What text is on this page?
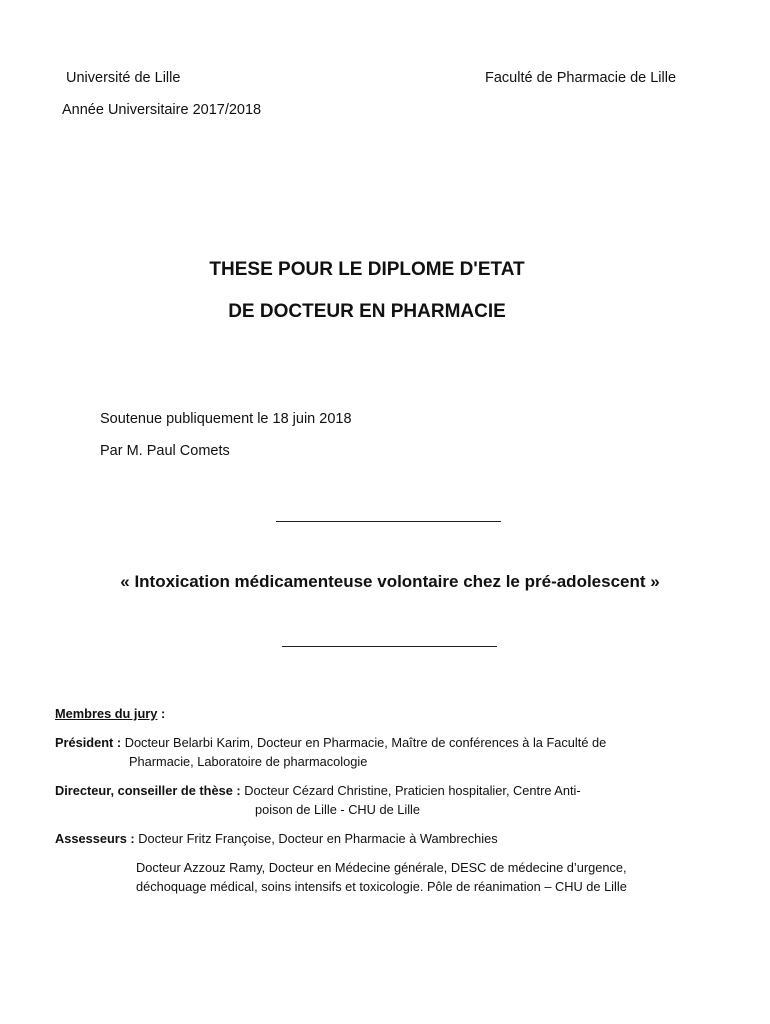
Université de Lille	Faculté de Pharmacie de Lille
Année Universitaire 2017/2018
THESE POUR LE DIPLOME D'ETAT
DE DOCTEUR EN PHARMACIE
Soutenue publiquement le 18 juin 2018
Par M. Paul Comets
« Intoxication médicamenteuse volontaire chez le pré-adolescent »
Membres du jury :
Président : Docteur Belarbi Karim, Docteur en Pharmacie, Maître de conférences à la Faculté de
Pharmacie, Laboratoire de pharmacologie
Directeur, conseiller de thèse : Docteur Cézard Christine, Praticien hospitalier, Centre Anti-
poison de Lille - CHU de Lille
Assesseurs : Docteur Fritz Françoise, Docteur en Pharmacie à Wambrechies
Docteur Azzouz Ramy, Docteur en Médecine générale, DESC de médecine d’urgence,
déchoquage médical, soins intensifs et toxicologie. Pôle de réanimation – CHU de Lille
